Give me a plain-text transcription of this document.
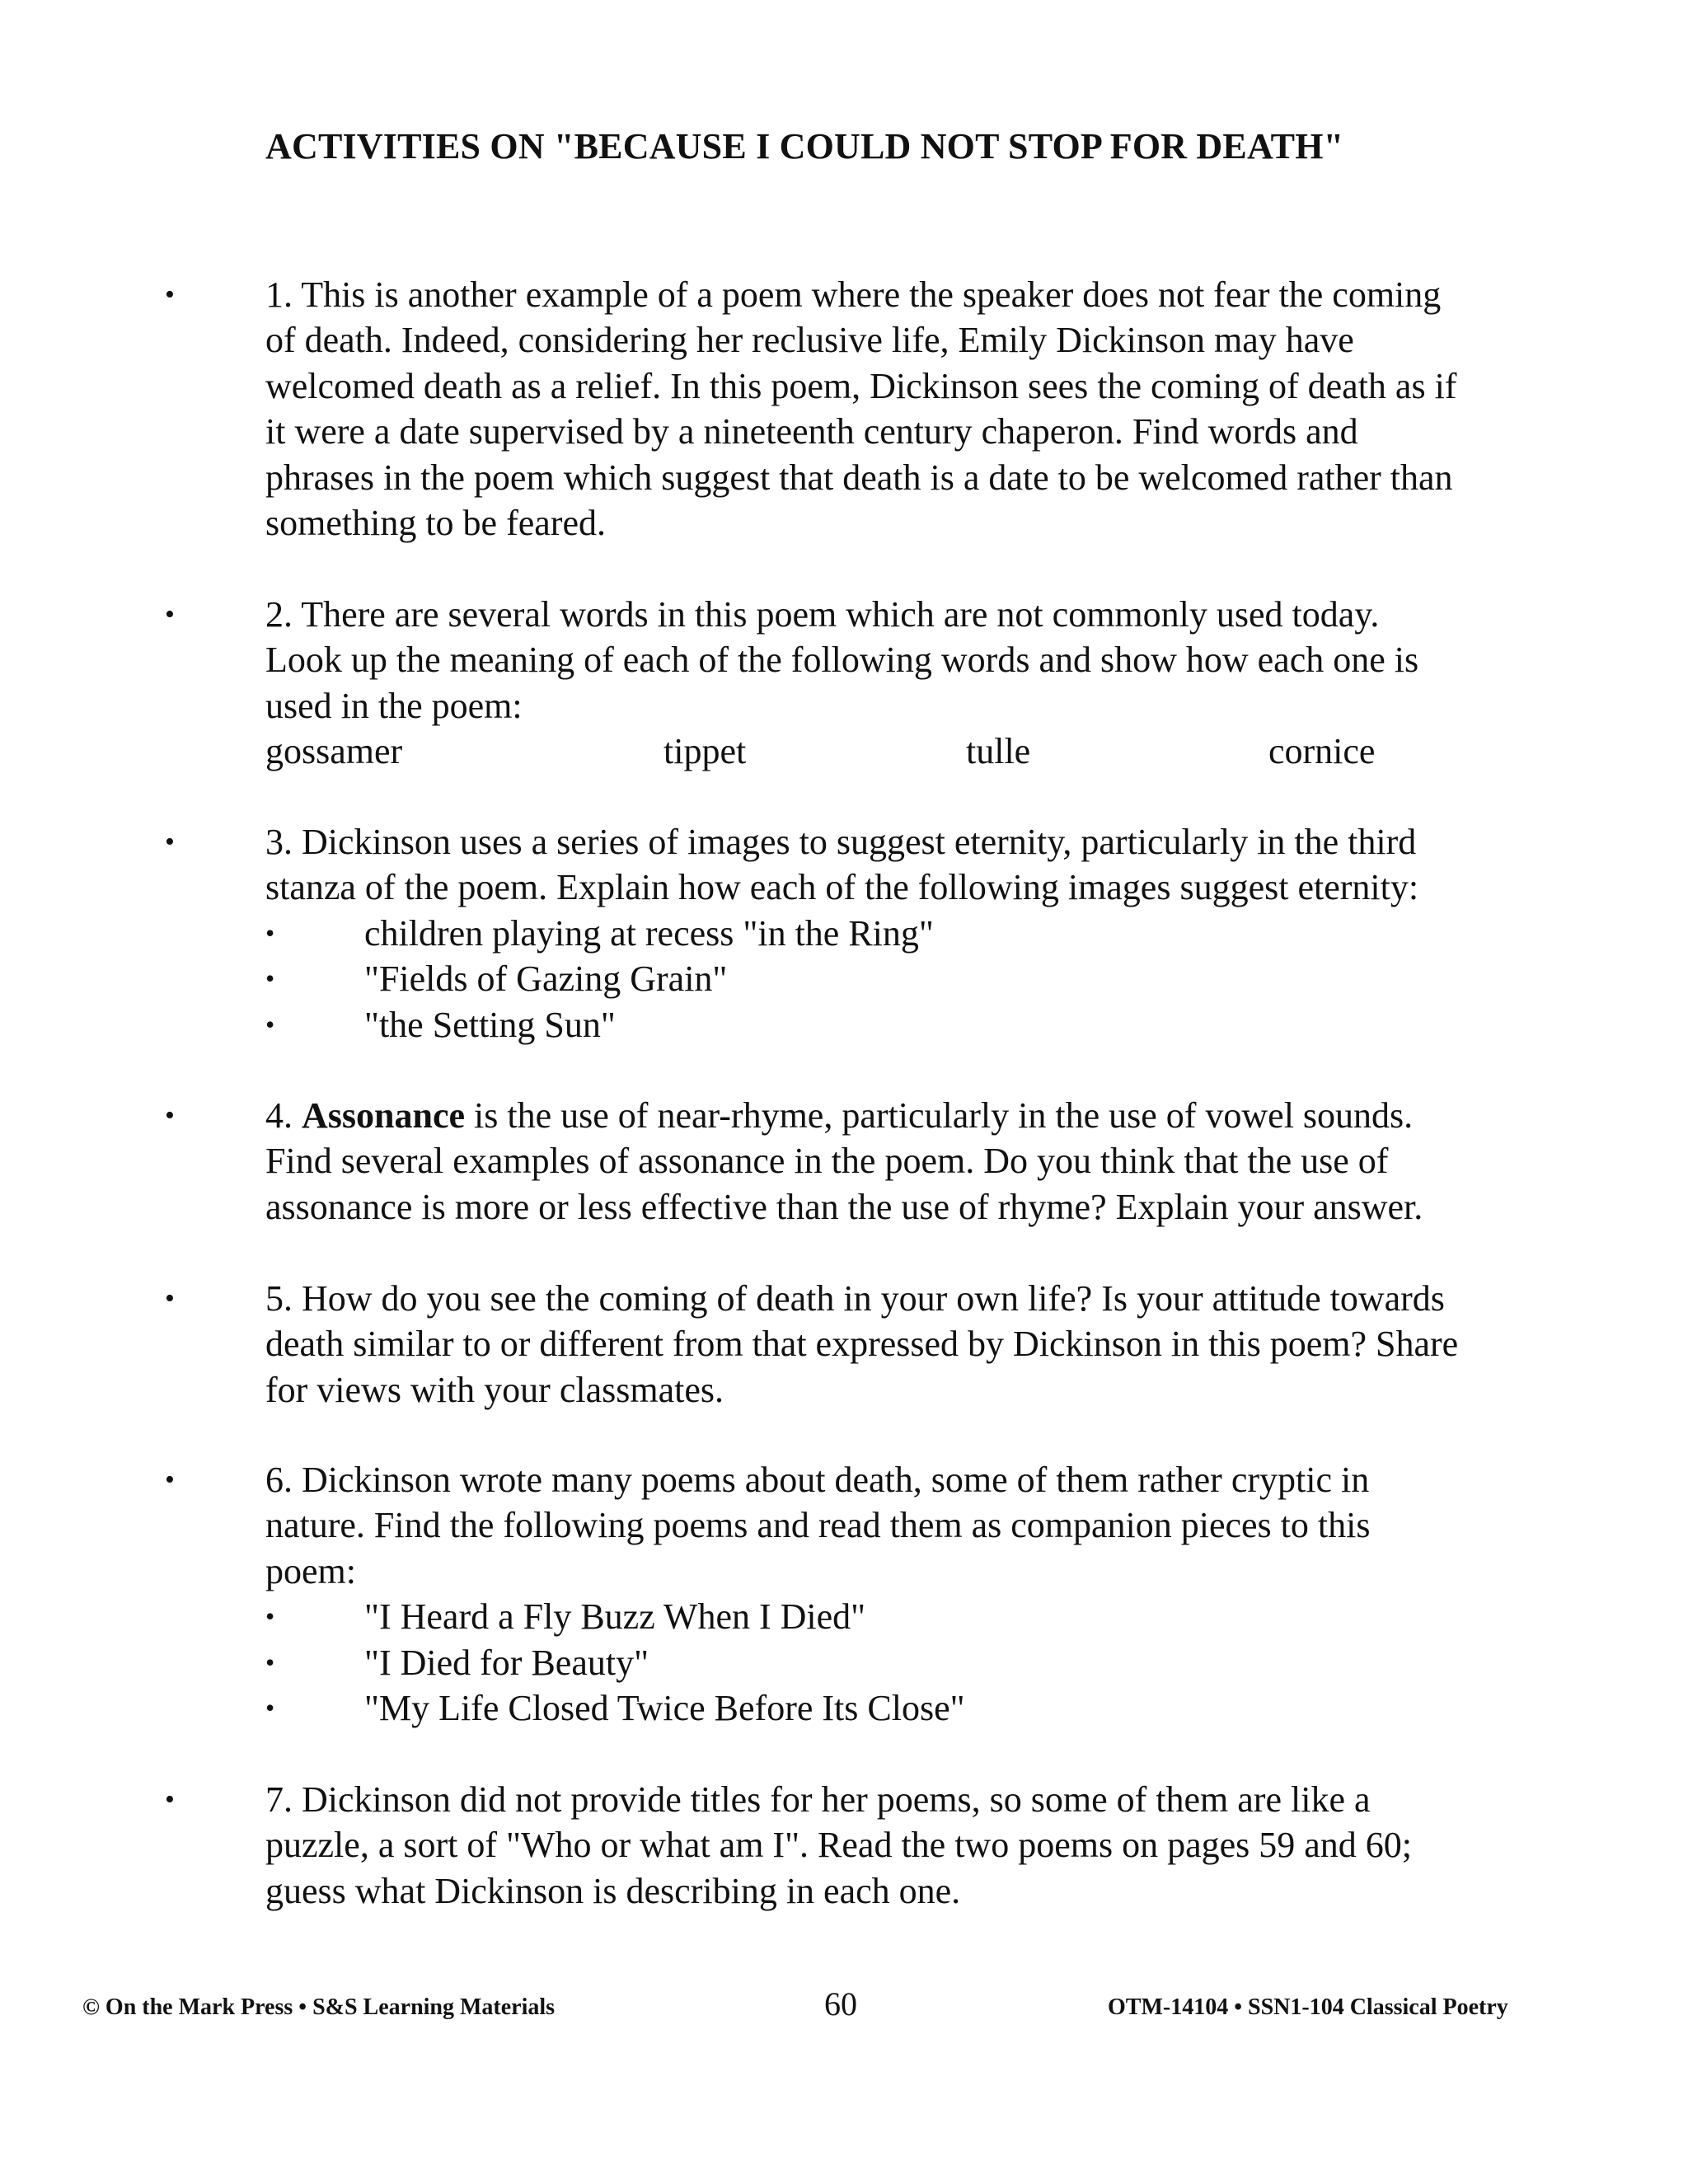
ACTIVITIES ON "BECAUSE I COULD NOT STOP FOR DEATH"
•	1. This is another example of a poem where the speaker does not fear the coming

of death. Indeed, considering her reclusive life, Emily Dickinson may have

welcomed death as a relief. In this poem, Dickinson sees the coming of death as if

it were a date supervised by a nineteenth century chaperon. Find words and

phrases in the poem which suggest that death is a date to be welcomed rather than

something to be feared.

•	2. There are several words in this poem which are not commonly used today.

Look up the meaning of each of the following words and show how each one is

used in the poem:

gossamer	tippet	tulle	cornice
•	3. Dickinson uses a series of images to suggest eternity, particularly in the third

stanza of the poem. Explain how each of the following images suggest eternity:

• children playing at recess "in the Ring"
• "Fields of Gazing Grain"
• "the Setting Sun"
•	4. Assonance is the use of near-rhyme, particularly in the use of vowel sounds.

Find several examples of assonance in the poem. Do you think that the use of

assonance is more or less effective than the use of rhyme? Explain your answer.

•	5. How do you see the coming of death in your own life? Is your attitude towards

death similar to or different from that expressed by Dickinson in this poem? Share

for views with your classmates.

•	6. Dickinson wrote many poems about death, some of them rather cryptic in

nature. Find the following poems and read them as companion pieces to this

poem:

• "I Heard a Fly Buzz When I Died"
• "I Died for Beauty"
• "My Life Closed Twice Before Its Close"
•	7. Dickinson did not provide titles for her poems, so some of them are like a

puzzle, a sort of "Who or what am I". Read the two poems on pages 59 and 60;

guess what Dickinson is describing in each one.

© On the Mark Press • S&S Learning Materials	60	OTM-14104 • SSN1-104 Classical Poetry
